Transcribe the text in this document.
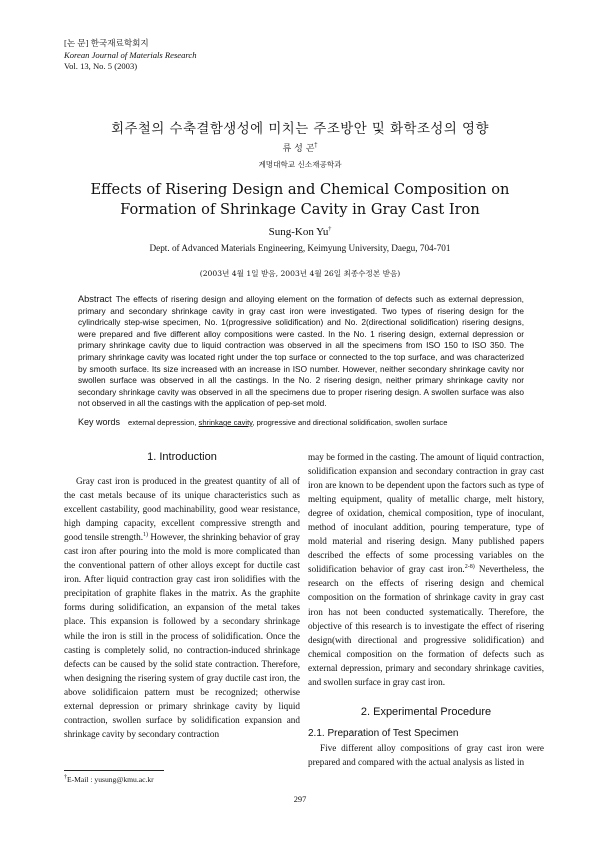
[논 문] 한국재료학회지
Korean Journal of Materials Research
Vol. 13, No. 5 (2003)
회주철의 수축결함생성에 미치는 주조방안 및 화학조성의 영향
류 성 곤†
계명대학교 신소재공학과
Effects of Risering Design and Chemical Composition on
Formation of Shrinkage Cavity in Gray Cast Iron
Sung-Kon Yu†
Dept. of Advanced Materials Engineering, Keimyung University, Daegu, 704-701
(2003년 4월 1일 받음, 2003년 4월 26일 최종수정본 받음)
Abstract The effects of risering design and alloying element on the formation of defects such as external depression, primary and secondary shrinkage cavity in gray cast iron were investigated. Two types of risering design for the cylindrically step-wise specimen, No. 1(progressive solidification) and No. 2(directional solidification) risering designs, were prepared and five different alloy compositions were casted. In the No. 1 risering design, external depression or primary shrinkage cavity due to liquid contraction was observed in all the specimens from ISO 150 to ISO 350. The primary shrinkage cavity was located right under the top surface or connected to the top surface, and was characterized by smooth surface. Its size increased with an increase in ISO number. However, neither secondary shrinkage cavity nor swollen surface was observed in all the castings. In the No. 2 risering design, neither primary shrinkage cavity nor secondary shrinkage cavity was observed in all the specimens due to proper risering design. A swollen surface was also not observed in all the castings with the application of pep-set mold.
Key words external depression, shrinkage cavity, progressive and directional solidification, swollen surface

1. Introduction

Gray cast iron is produced in the greatest quantity of all of the cast metals because of its unique characteristics such as excellent castability, good machinability, good wear resistance, high damping capacity, excellent compressive strength and good tensile strength.$^{1)}$ However, the shrinking behavior of gray cast iron after pouring into the mold is more complicated than the conventional pattern of other alloys except for ductile cast iron. After liquid contraction gray cast iron solidifies with the precipitation of graphite flakes in the matrix. As the graphite forms during solidification, an expansion of the metal takes place. This expansion is followed by a secondary shrinkage while the iron is still in the process of solidification. Once the casting is completely solid, no contraction-induced shrinkage defects can be caused by the solid state contraction. Therefore, when designing the risering system of gray ductile cast iron, the above solidificaion pattern must be recognized; otherwise external depression or primary shrinkage cavity by liquid contraction, swollen surface by solidification expansion and shrinkage cavity by secondary contraction

may be formed in the casting. The amount of liquid contraction, solidification expansion and secondary contraction in gray cast iron are known to be dependent upon the factors such as type of melting equipment, quality of metallic charge, melt history, degree of oxidation, chemical composition, type of inoculant, method of inoculant addition, pouring temperature, type of mold material and risering design. Many published papers described the effects of some processing variables on the solidification behavior of gray cast iron.$^{2-8)}$ Nevertheless, the research on the effects of risering design and chemical composition on the formation of shrinkage cavity in gray cast iron has not been conducted systematically. Therefore, the objective of this research is to investigate the effect of risering design(with directional and progressive solidification) and chemical composition on the formation of defects such as external depression, primary and secondary shrinkage cavities, and swollen surface in gray cast iron.

2. Experimental Procedure

2.1. Preparation of Test Specimen

Five different alloy compositions of gray cast iron were prepared and compared with the actual analysis as listed in

†E-Mail : yusung@kmu.ac.kr
297
